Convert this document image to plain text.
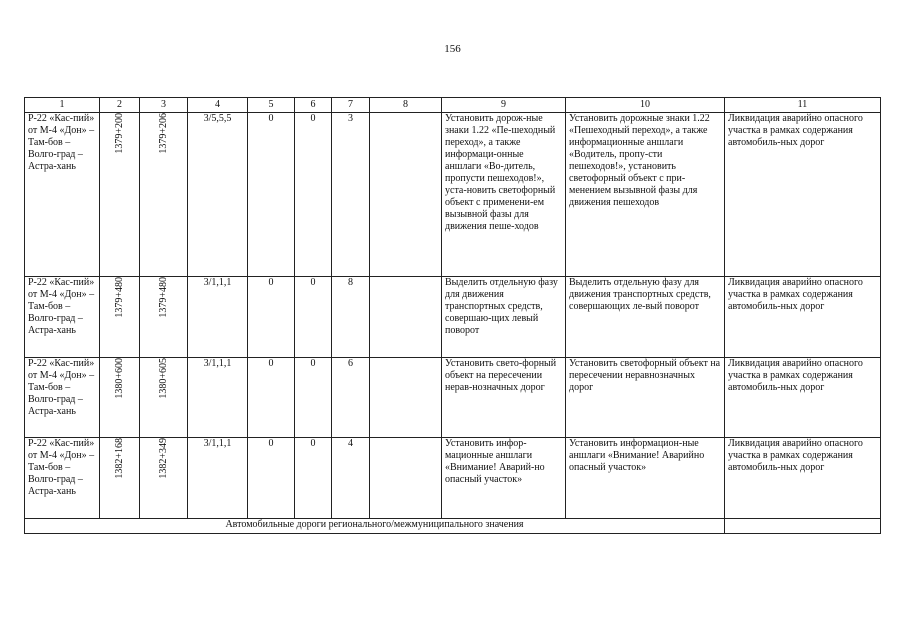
156
1	2	3	4	5	6	7	8	9	10	11
Р-22 «Кас-пий» от М-4 «Дон» – Там-бов – Волго-град – Астра-хань	1379+200	1379+206	3/5,5,5	0	0	3		Установить дорож-ные знаки 1.22 «Пе-шеходный переход», а также информаци-онные аншлаги «Во-дитель, пропусти пешеходов!», уста-новить светофорный объект с применени-ем вызывной фазы для движения пеше-ходов	Установить дорожные знаки 1.22 «Пешеходный переход», а также информационные аншлаги «Водитель, пропу-сти пешеходов!», установить светофорный объект с при-менением вызывной фазы для движения пешеходов	Ликвидация аварийно опасного участка в рамках содержания автомобиль-ных дорог
Р-22 «Кас-пий» от М-4 «Дон» – Там-бов – Волго-град – Астра-хань	1379+480	1379+480	3/1,1,1	0	0	8		Выделить отдельную фазу для движения транспортных средств, совершаю-щих левый поворот	Выделить отдельную фазу для движения транспортных средств, совершающих ле-вый поворот	Ликвидация аварийно опасного участка в рамках содержания автомобиль-ных дорог
Р-22 «Кас-пий» от М-4 «Дон» – Там-бов – Волго-град – Астра-хань	1380+600	1380+605	3/1,1,1	0	0	6		Установить свето-форный объект на пересечении нерав-нозначных дорог	Установить светофорный объект на пересечении неравнозначных дорог	Ликвидация аварийно опасного участка в рамках содержания автомобиль-ных дорог
Р-22 «Кас-пий» от М-4 «Дон» – Там-бов – Волго-град – Астра-хань	1382+168	1382+349	3/1,1,1	0	0	4		Установить инфор-мационные аншлаги «Внимание! Аварий-но опасный участок»	Установить информацион-ные аншлаги «Внимание! Аварийно опасный участок»	Ликвидация аварийно опасного участка в рамках содержания автомобиль-ных дорог
Автомобильные дороги регионального/межмуниципального значения										
